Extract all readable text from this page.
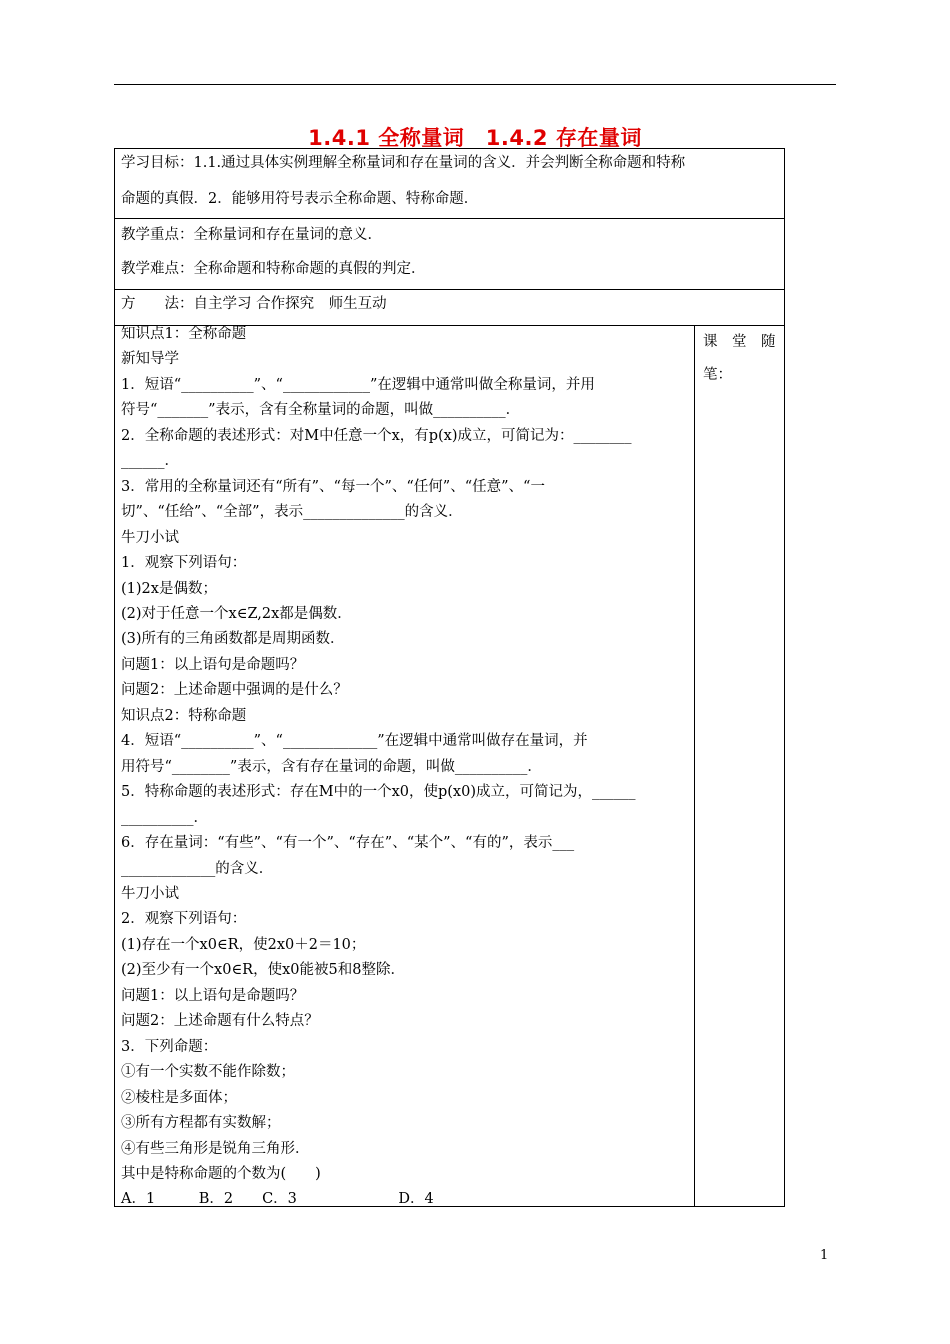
1.4.1 全称量词　1.4.2 存在量词
学习目标：1.1.通过具体实例理解全称量词和存在量词的含义．并会判断全称命题和特称
命题的真假．2．能够用符号表示全称命题、特称命题．
教学重点：全称量词和存在量词的意义．
教学难点：全称命题和特称命题的真假的判定．
方　　法：自主学习 合作探究　师生互动
课　堂　随
笔：
知识点1：全称命题
新知导学
1．短语“__________”、“____________”在逻辑中通常叫做全称量词，并用
符号“_______”表示，含有全称量词的命题，叫做__________．
2．全称命题的表述形式：对M中任意一个x，有p(x)成立，可简记为：________
______．
3．常用的全称量词还有“所有”、“每一个”、“任何”、“任意”、“一
切”、“任给”、“全部”，表示______________的含义．
牛刀小试
1．观察下列语句：
(1)2x是偶数；
(2)对于任意一个x∈Z,2x都是偶数．
(3)所有的三角函数都是周期函数．
问题1：以上语句是命题吗？
问题2：上述命题中强调的是什么？
知识点2：特称命题
4．短语“__________”、“_____________”在逻辑中通常叫做存在量词，并
用符号“________”表示，含有存在量词的命题，叫做__________．
5．特称命题的表述形式：存在M中的一个x0，使p(x0)成立，可简记为，______
__________．
6．存在量词：“有些”、“有一个”、“存在”、“某个”、“有的”，表示___
_____________的含义．
牛刀小试
2．观察下列语句：
(1)存在一个x0∈R，使2x0＋2＝10；
(2)至少有一个x0∈R，使x0能被5和8整除．
问题1：以上语句是命题吗？
问题2：上述命题有什么特点？
3．下列命题：
①有一个实数不能作除数；
②棱柱是多面体；
③所有方程都有实数解；
④有些三角形是锐角三角形．
其中是特称命题的个数为(　　)
A．1　　　B．2　　C．3　　　　　　　D．4
1
